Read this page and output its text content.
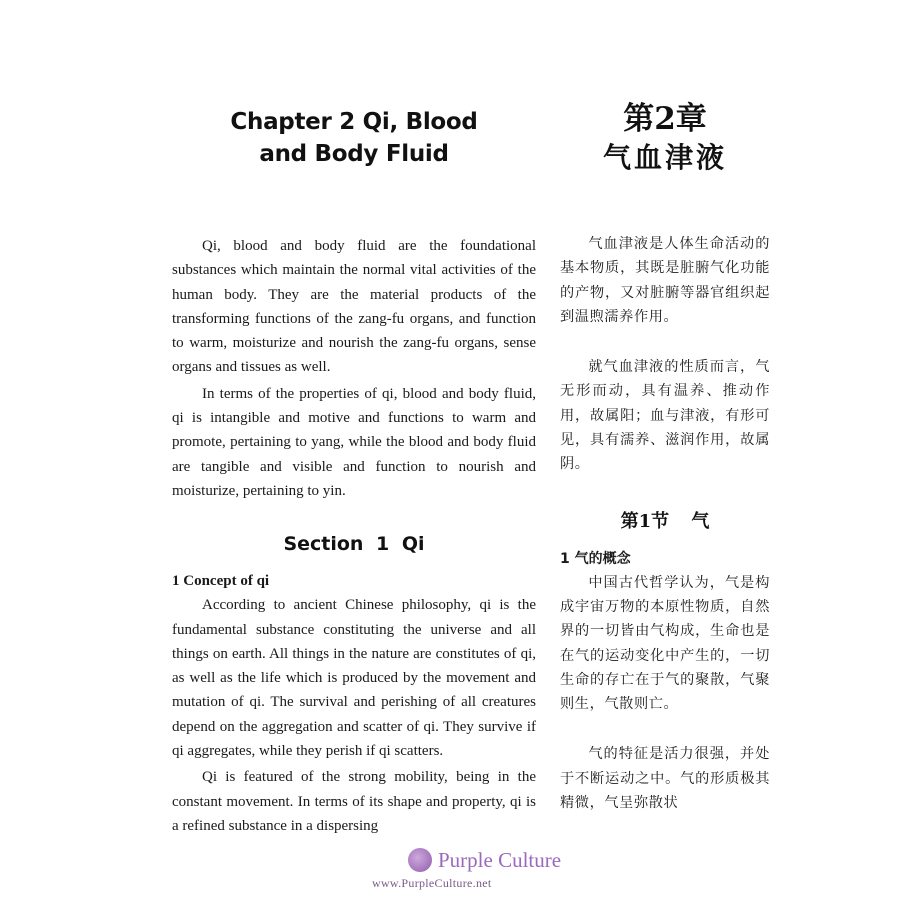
Chapter 2 Qi, Blood
and Body Fluid

Qi, blood and body fluid are the foundational substances which maintain the normal vital activities of the human body. They are the material products of the transforming functions of the zang-fu organs, and function to warm, moisturize and nourish the zang-fu organs, sense organs and tissues as well.

In terms of the properties of qi, blood and body fluid, qi is intangible and motive and functions to warm and promote, pertaining to yang, while the blood and body fluid are tangible and visible and function to nourish and moisturize, pertaining to yin.

Section 1 Qi

1 Concept of qi

According to ancient Chinese philosophy, qi is the fundamental substance constituting the universe and all things on earth. All things in the nature are constitutes of qi, as well as the life which is produced by the movement and mutation of qi. The survival and perishing of all creatures depend on the aggregation and scatter of qi. They survive if qi aggregates, while they perish if qi scatters.

Qi is featured of the strong mobility, being in the constant movement. In terms of its shape and property, qi is a refined substance in a dispersing

第2章
气血津液

气血津液是人体生命活动的基本物质，其既是脏腑气化功能的产物，又对脏腑等器官组织起到温煦濡养作用。

就气血津液的性质而言，气无形而动，具有温养、推动作用，故属阳；血与津液，有形可见，具有濡养、滋润作用，故属阴。

第1节 气

1 气的概念

中国古代哲学认为，气是构成宇宙万物的本原性物质，自然界的一切皆由气构成，生命也是在气的运动变化中产生的，一切生命的存亡在于气的聚散，气聚则生，气散则亡。

气的特征是活力很强，并处于不断运动之中。气的形质极其精微，气呈弥散状

Purple Culture
www.PurpleCulture.net
